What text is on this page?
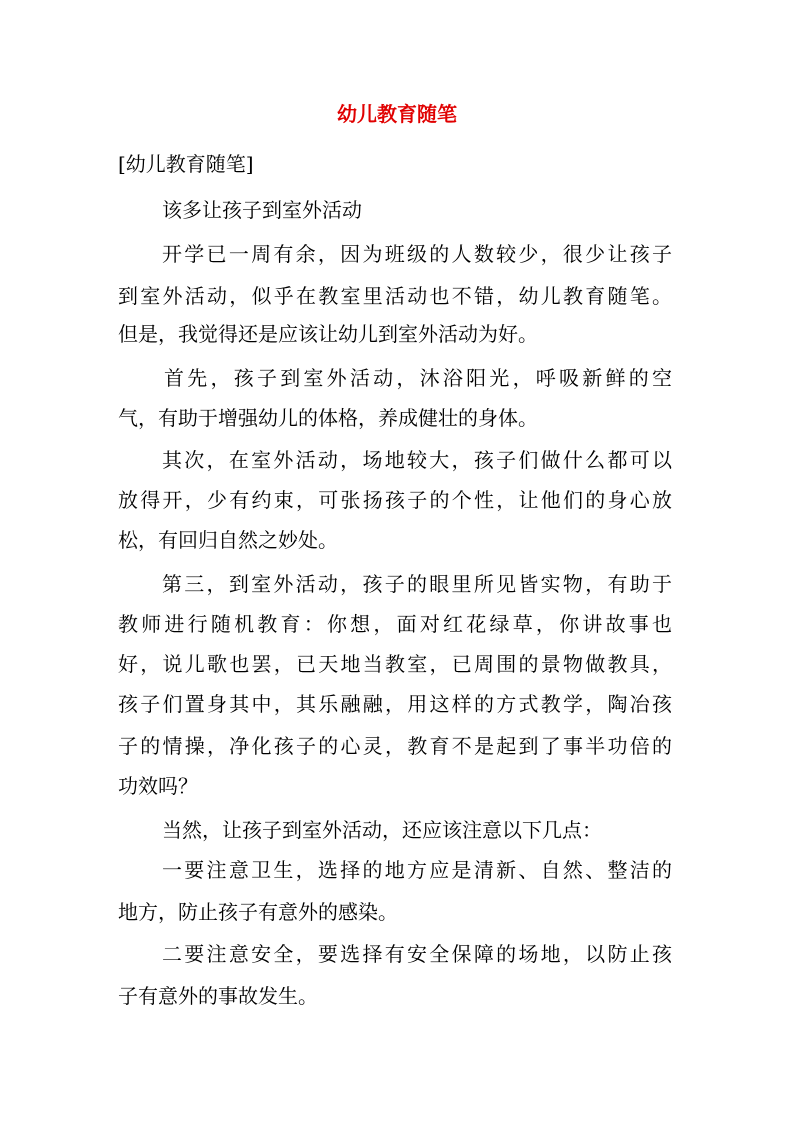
幼儿教育随笔
[幼儿教育随笔]
该多让孩子到室外活动
开学已一周有余，因为班级的人数较少，很少让孩子
到室外活动，似乎在教室里活动也不错，幼儿教育随笔。
但是，我觉得还是应该让幼儿到室外活动为好。
首先，孩子到室外活动，沐浴阳光，呼吸新鲜的空
气，有助于增强幼儿的体格，养成健壮的身体。
其次，在室外活动，场地较大，孩子们做什么都可以
放得开，少有约束，可张扬孩子的个性，让他们的身心放
松，有回归自然之妙处。
第三，到室外活动，孩子的眼里所见皆实物，有助于
教师进行随机教育：你想，面对红花绿草，你讲故事也
好，说儿歌也罢，已天地当教室，已周围的景物做教具，
孩子们置身其中，其乐融融，用这样的方式教学，陶冶孩
子的情操，净化孩子的心灵，教育不是起到了事半功倍的
功效吗？
当然，让孩子到室外活动，还应该注意以下几点：
一要注意卫生，选择的地方应是清新、自然、整洁的
地方，防止孩子有意外的感染。
二要注意安全，要选择有安全保障的场地，以防止孩
子有意外的事故发生。
